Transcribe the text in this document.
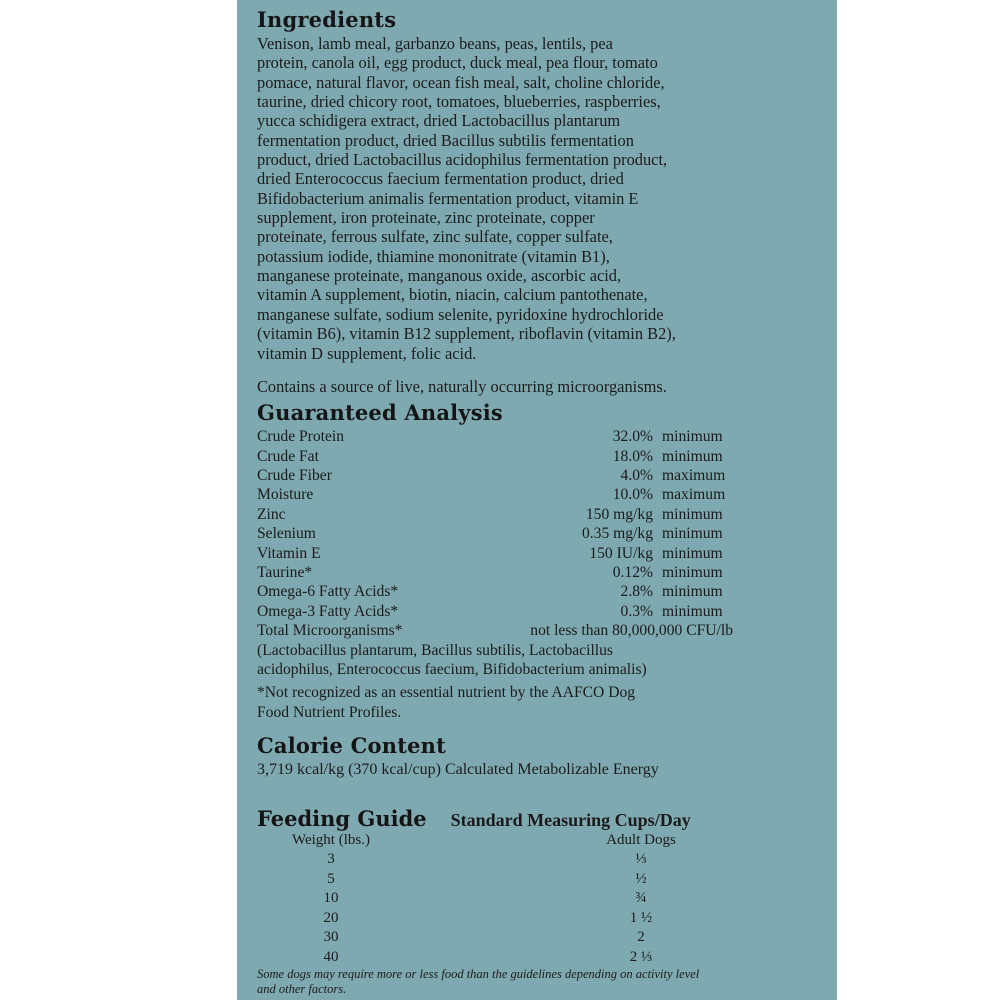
Ingredients

Venison, lamb meal, garbanzo beans, peas, lentils, pea

protein, canola oil, egg product, duck meal, pea flour, tomato

pomace, natural flavor, ocean fish meal, salt, choline chloride,

taurine, dried chicory root, tomatoes, blueberries, raspberries,

yucca schidigera extract, dried Lactobacillus plantarum

fermentation product, dried Bacillus subtilis fermentation

product, dried Lactobacillus acidophilus fermentation product,

dried Enterococcus faecium fermentation product, dried

Bifidobacterium animalis fermentation product, vitamin E

supplement, iron proteinate, zinc proteinate, copper

proteinate, ferrous sulfate, zinc sulfate, copper sulfate,

potassium iodide, thiamine mononitrate (vitamin B1),

manganese proteinate, manganous oxide, ascorbic acid,

vitamin A supplement, biotin, niacin, calcium pantothenate,

manganese sulfate, sodium selenite, pyridoxine hydrochloride

(vitamin B6), vitamin B12 supplement, riboflavin (vitamin B2),

vitamin D supplement, folic acid.

Contains a source of live, naturally occurring microorganisms.

Guaranteed Analysis
Crude Protein	32.0% minimum
Crude Fat	18.0% minimum
Crude Fiber	4.0% maximum
Moisture	10.0% maximum
Zinc	150 mg/kg minimum
Selenium	0.35 mg/kg minimum
Vitamin E	150 IU/kg minimum
Taurine*	0.12% minimum
Omega-6 Fatty Acids*	2.8% minimum
Omega-3 Fatty Acids*	0.3% minimum
Total Microorganisms*	not less than 80,000,000 CFU/lb

(Lactobacillus plantarum, Bacillus subtilis, Lactobacillus

acidophilus, Enterococcus faecium, Bifidobacterium animalis)

*Not recognized as an essential nutrient by the AAFCO Dog

Food Nutrient Profiles.

Calorie Content

3,719 kcal/kg (370 kcal/cup) Calculated Metabolizable Energy

Feeding Guide Standard Measuring Cups/Day
Weight (lbs.)	Adult Dogs
3	⅓
5	½
10	¾
20	1 ½
30	2
40	2 ⅓

Some dogs may require more or less food than the guidelines depending on activity level

and other factors.
